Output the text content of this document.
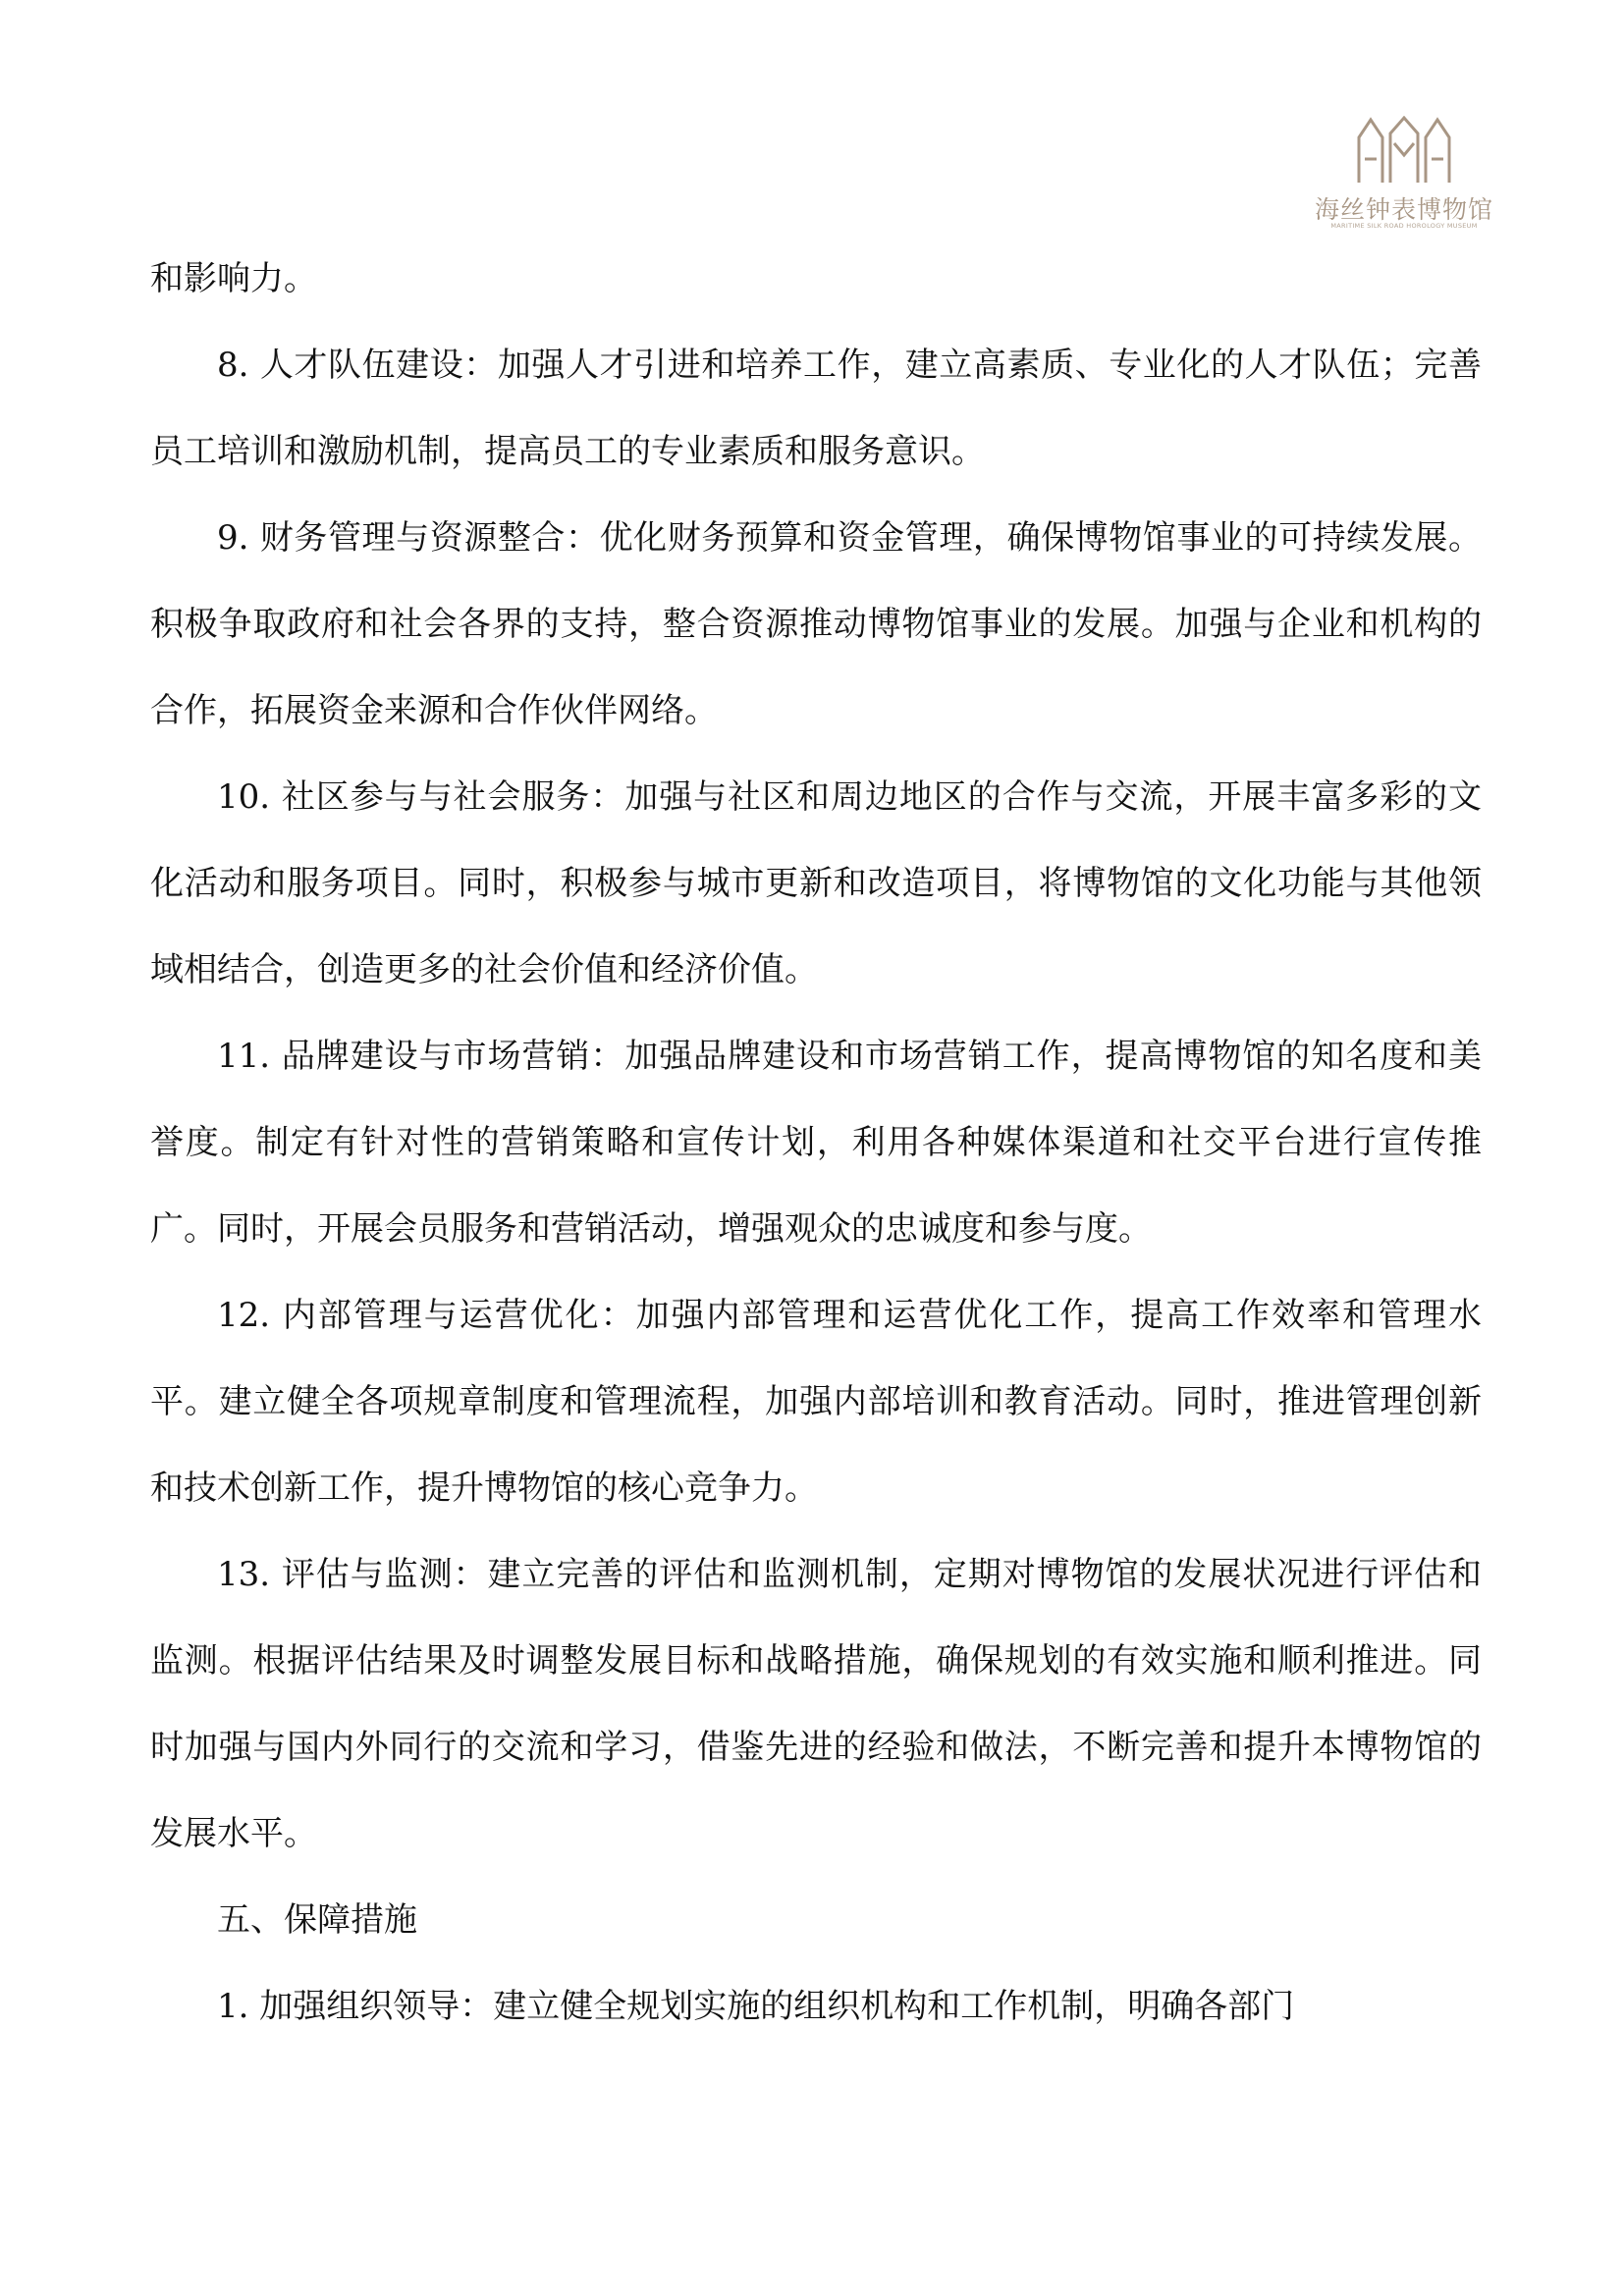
海丝钟表博物馆
MARITIME SILK ROAD HOROLOGY MUSEUM

和影响力。

8. 人才队伍建设：加强人才引进和培养工作，建立高素质、专业化的人才队伍；完善员工培训和激励机制，提高员工的专业素质和服务意识。

9. 财务管理与资源整合：优化财务预算和资金管理，确保博物馆事业的可持续发展。积极争取政府和社会各界的支持，整合资源推动博物馆事业的发展。加强与企业和机构的合作，拓展资金来源和合作伙伴网络。

10. 社区参与与社会服务：加强与社区和周边地区的合作与交流，开展丰富多彩的文化活动和服务项目。同时，积极参与城市更新和改造项目，将博物馆的文化功能与其他领域相结合，创造更多的社会价值和经济价值。

11. 品牌建设与市场营销：加强品牌建设和市场营销工作，提高博物馆的知名度和美誉度。制定有针对性的营销策略和宣传计划，利用各种媒体渠道和社交平台进行宣传推广。同时，开展会员服务和营销活动，增强观众的忠诚度和参与度。

12. 内部管理与运营优化：加强内部管理和运营优化工作，提高工作效率和管理水平。建立健全各项规章制度和管理流程，加强内部培训和教育活动。同时，推进管理创新和技术创新工作，提升博物馆的核心竞争力。

13. 评估与监测：建立完善的评估和监测机制，定期对博物馆的发展状况进行评估和监测。根据评估结果及时调整发展目标和战略措施，确保规划的有效实施和顺利推进。同时加强与国内外同行的交流和学习，借鉴先进的经验和做法，不断完善和提升本博物馆的发展水平。

五、保障措施

1. 加强组织领导：建立健全规划实施的组织机构和工作机制，明确各部门
